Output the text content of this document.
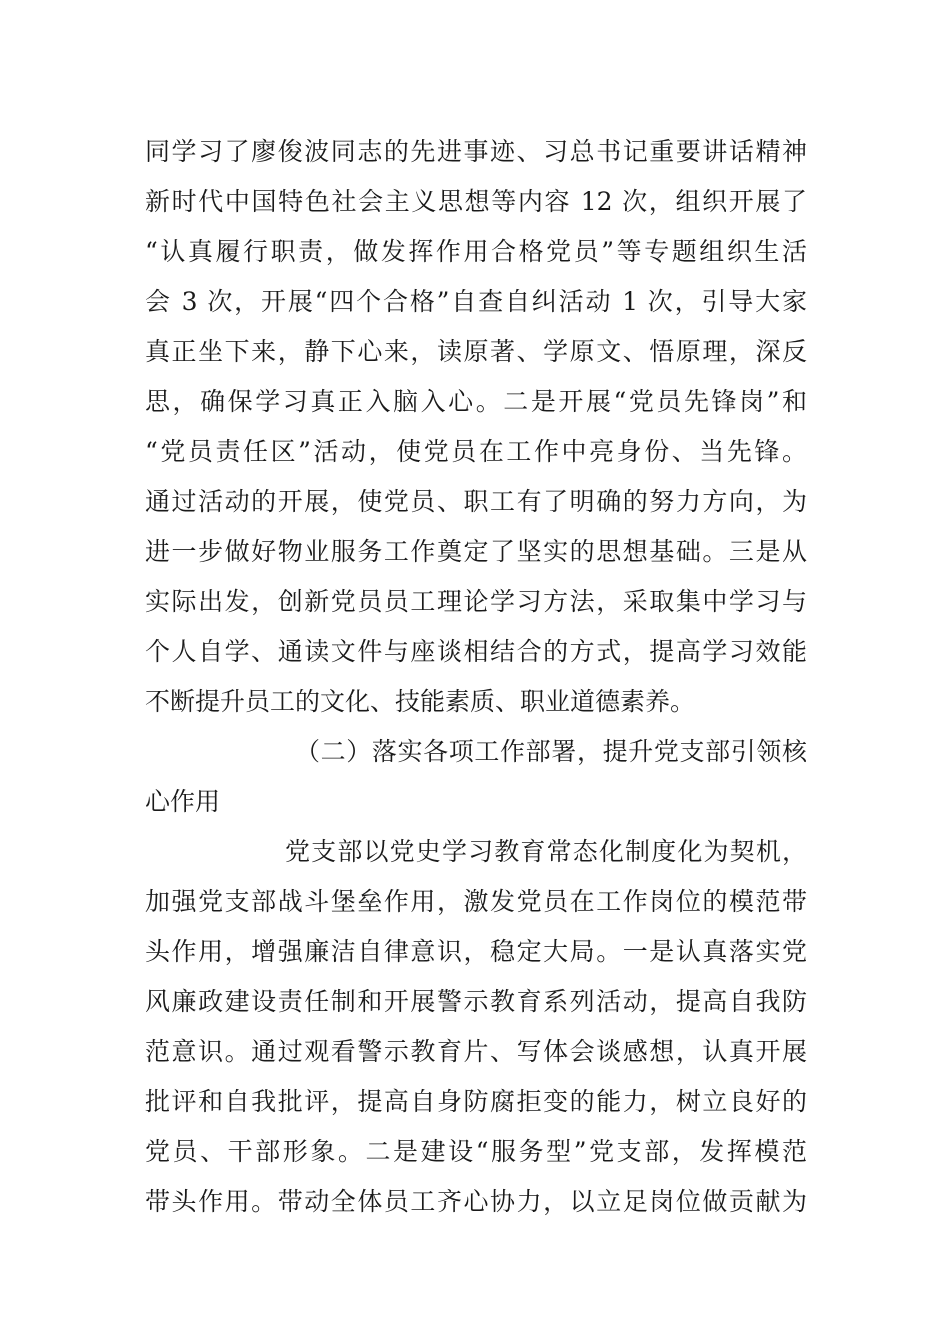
同学习了廖俊波同志的先进事迹、习总书记重要讲话精神
新时代中国特色社会主义思想等内容 12 次，组织开展了
“认真履行职责，做发挥作用合格党员”等专题组织生活
会 3 次，开展“四个合格”自查自纠活动 1 次，引导大家
真正坐下来，静下心来，读原著、学原文、悟原理，深反
思，确保学习真正入脑入心。二是开展“党员先锋岗”和
“党员责任区”活动，使党员在工作中亮身份、当先锋。
通过活动的开展，使党员、职工有了明确的努力方向，为
进一步做好物业服务工作奠定了坚实的思想基础。三是从
实际出发，创新党员员工理论学习方法，采取集中学习与
个人自学、通读文件与座谈相结合的方式，提高学习效能
不断提升员工的文化、技能素质、职业道德素养。
（二）落实各项工作部署，提升党支部引领核
心作用
党支部以党史学习教育常态化制度化为契机，
加强党支部战斗堡垒作用，激发党员在工作岗位的模范带
头作用，增强廉洁自律意识，稳定大局。一是认真落实党
风廉政建设责任制和开展警示教育系列活动，提高自我防
范意识。通过观看警示教育片、写体会谈感想，认真开展
批评和自我批评，提高自身防腐拒变的能力，树立良好的
党员、干部形象。二是建设“服务型”党支部，发挥模范
带头作用。带动全体员工齐心协力，以立足岗位做贡献为
